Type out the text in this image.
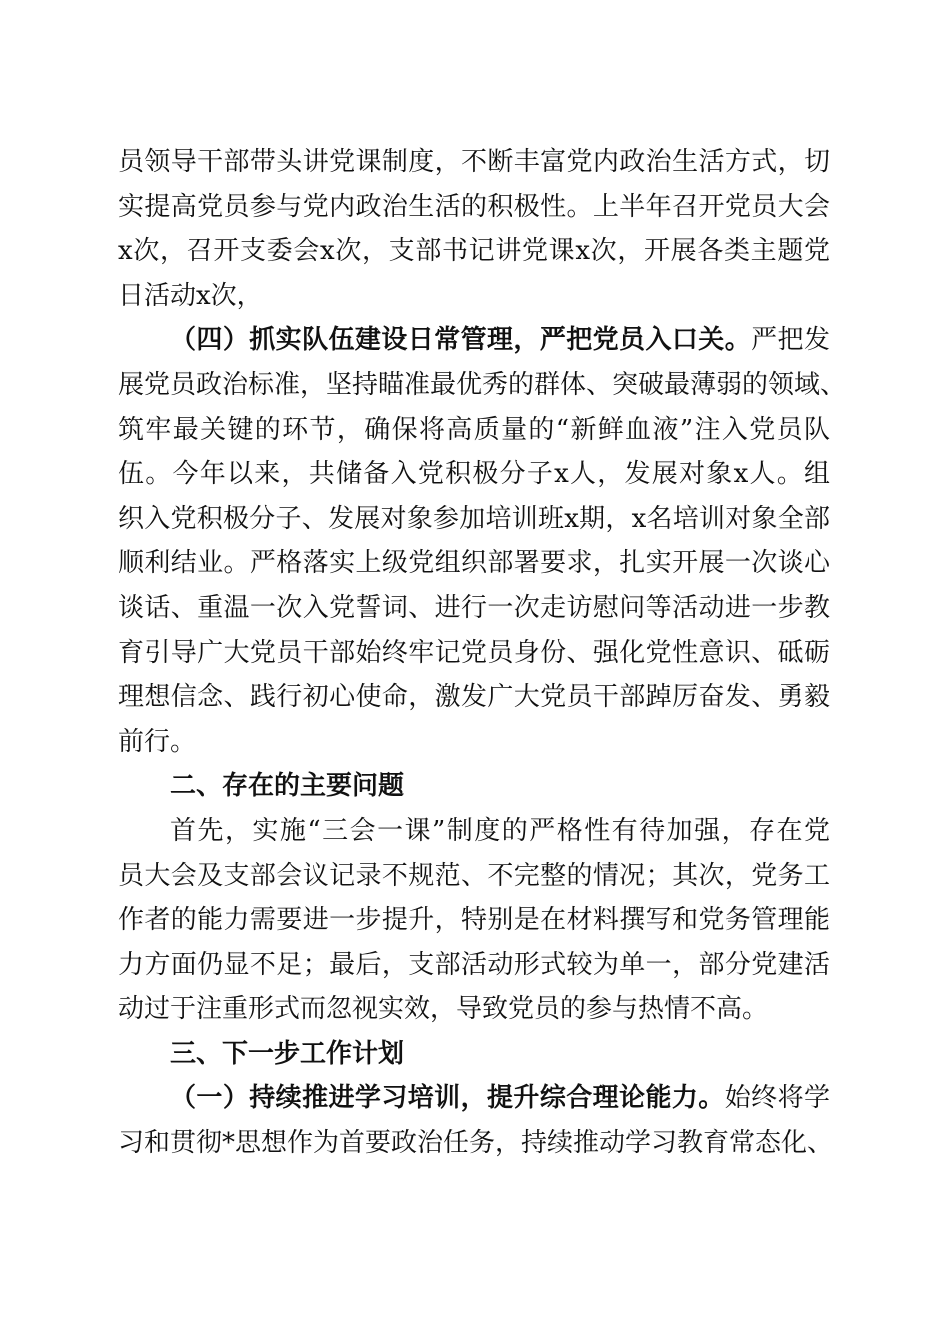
员领导干部带头讲党课制度，不断丰富党内政治生活方式，切
实提高党员参与党内政治生活的积极性。上半年召开党员大会
x次，召开支委会x次，支部书记讲党课x次，开展各类主题党
日活动x次，
（四）抓实队伍建设日常管理，严把党员入口关。严把发
展党员政治标准，坚持瞄准最优秀的群体、突破最薄弱的领域、
筑牢最关键的环节，确保将高质量的“新鲜血液”注入党员队
伍。今年以来，共储备入党积极分子x人，发展对象x人。组
织入党积极分子、发展对象参加培训班x期，x名培训对象全部
顺利结业。严格落实上级党组织部署要求，扎实开展一次谈心
谈话、重温一次入党誓词、进行一次走访慰问等活动进一步教
育引导广大党员干部始终牢记党员身份、强化党性意识、砥砺
理想信念、践行初心使命，激发广大党员干部踔厉奋发、勇毅
前行。
二、存在的主要问题
首先，实施“三会一课”制度的严格性有待加强，存在党
员大会及支部会议记录不规范、不完整的情况；其次，党务工
作者的能力需要进一步提升，特别是在材料撰写和党务管理能
力方面仍显不足；最后，支部活动形式较为单一，部分党建活
动过于注重形式而忽视实效，导致党员的参与热情不高。
三、下一步工作计划
（一）持续推进学习培训，提升综合理论能力。始终将学
习和贯彻*思想作为首要政治任务，持续推动学习教育常态化、
